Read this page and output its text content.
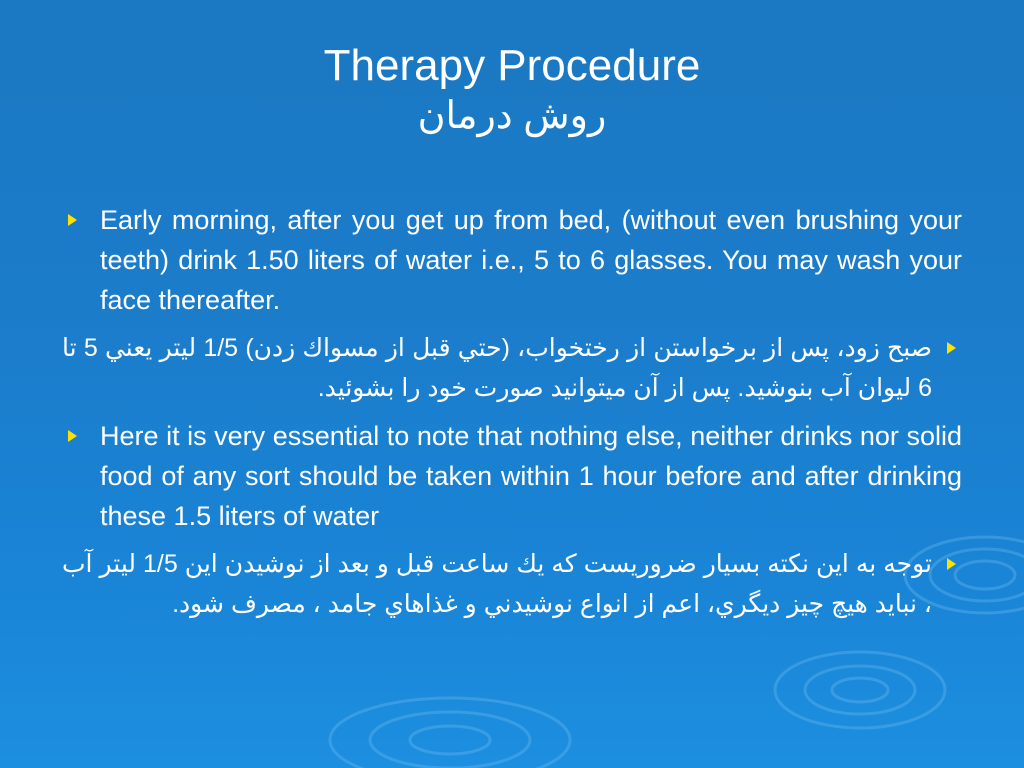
Therapy Procedure
روش درمان
Early morning, after you get up from bed, (without even brushing your teeth) drink 1.50 liters of water i.e., 5 to 6 glasses. You may wash your face thereafter.
صبح زود، پس از برخواستن از رختخواب، (حتي قبل از مسواك زدن) 1/5 ليتر يعني 5 تا 6 ليوان آب بنوشيد. پس از آن ميتوانيد صورت خود را بشوئيد.
Here it is very essential to note that nothing else, neither drinks nor solid food of any sort should be taken within 1 hour before and after drinking these 1.5 liters of water
توجه به اين نكته بسيار ضروريست كه يك ساعت قبل و بعد از نوشيدن اين 1/5 ليتر آب ، نبايد هيچ چيز ديگري، اعم از انواع نوشيدني و غذاهاي جامد ، مصرف شود.
